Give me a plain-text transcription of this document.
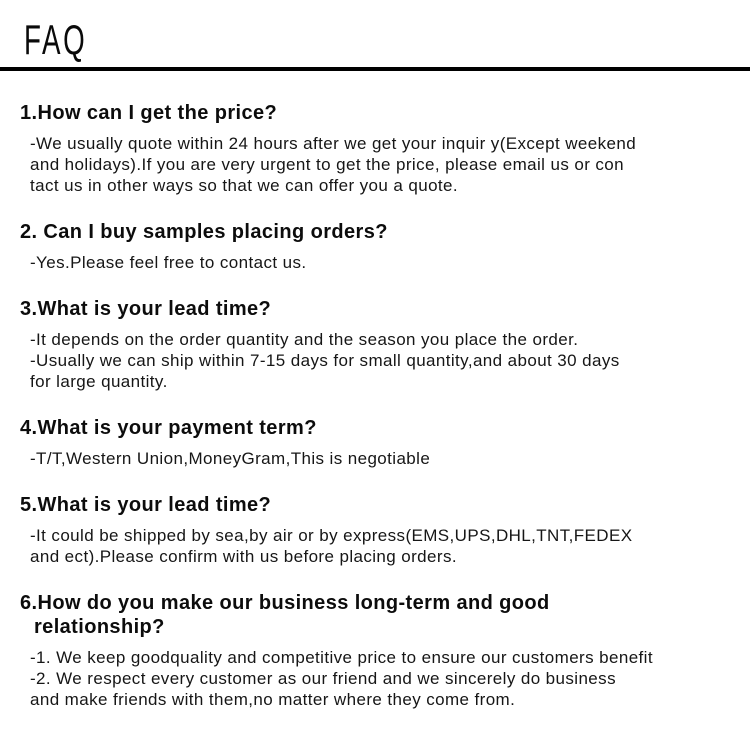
FAQ
1.How can I get the price?
-We usually quote within 24 hours after we get your inquir y(Except weekend
and holidays).If you are very urgent to get the price, please email us or con
tact us in other ways so that we can offer you a quote.
2. Can I buy samples placing orders?
-Yes.Please feel free to contact us.
3.What is your lead time?
-It depends on the order quantity and the season you place the order.
-Usually we can ship within 7-15 days for small quantity,and about 30 days
for large quantity.
4.What is your payment term?
-T/T,Western Union,MoneyGram,This is negotiable
5.What is your lead time?
-It could be shipped by sea,by air or by express(EMS,UPS,DHL,TNT,FEDEX
and ect).Please confirm with us before placing orders.
6.How do you make our business long-term and good
relationship?
-1. We keep goodquality and competitive price to ensure our customers benefit
-2. We respect every customer as our friend and we sincerely do business
and make friends with them,no matter where they come from.
